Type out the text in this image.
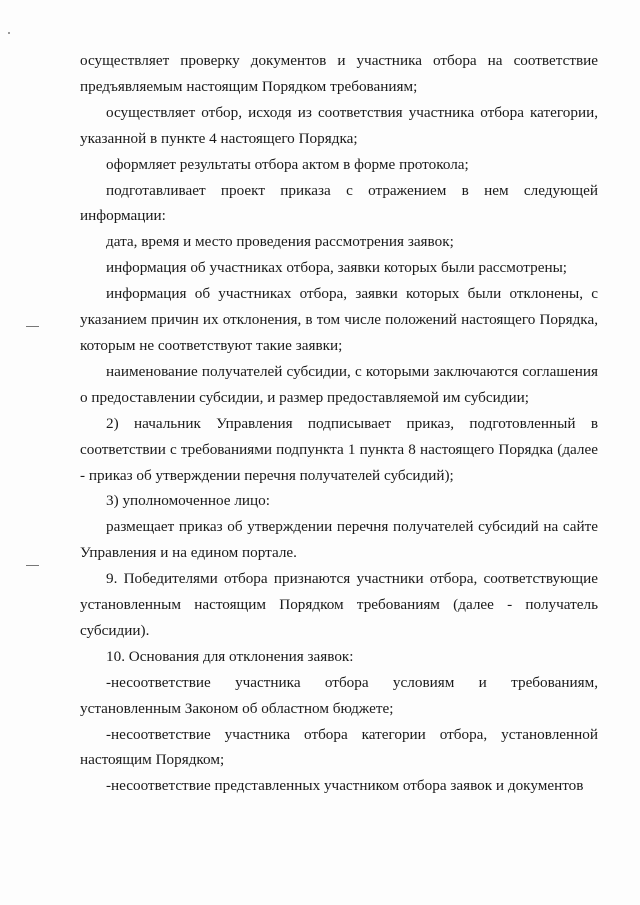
осуществляет проверку документов и участника отбора на соответствие предъявляемым настоящим Порядком требованиям;

осуществляет отбор, исходя из соответствия участника отбора категории, указанной в пункте 4 настоящего Порядка;

оформляет результаты отбора актом в форме протокола;

подготавливает проект приказа с отражением в нем следующей информации:

дата, время и место проведения рассмотрения заявок;

информация об участниках отбора, заявки которых были рассмотрены;

информация об участниках отбора, заявки которых были отклонены, с указанием причин их отклонения, в том числе положений настоящего Порядка, которым не соответствуют такие заявки;

наименование получателей субсидии, с которыми заключаются соглашения о предоставлении субсидии, и размер предоставляемой им субсидии;

2) начальник Управления подписывает приказ, подготовленный в соответствии с требованиями подпункта 1 пункта 8 настоящего Порядка (далее - приказ об утверждении перечня получателей субсидий);

3) уполномоченное лицо:

размещает приказ об утверждении перечня получателей субсидий на сайте Управления и на едином портале.

9. Победителями отбора признаются участники отбора, соответствующие установленным настоящим Порядком требованиям (далее - получатель субсидии).

10. Основания для отклонения заявок:

-несоответствие участника отбора условиям и требованиям, установленным Законом об областном бюджете;

-несоответствие участника отбора категории отбора, установленной настоящим Порядком;

-несоответствие представленных участником отбора заявок и документов
